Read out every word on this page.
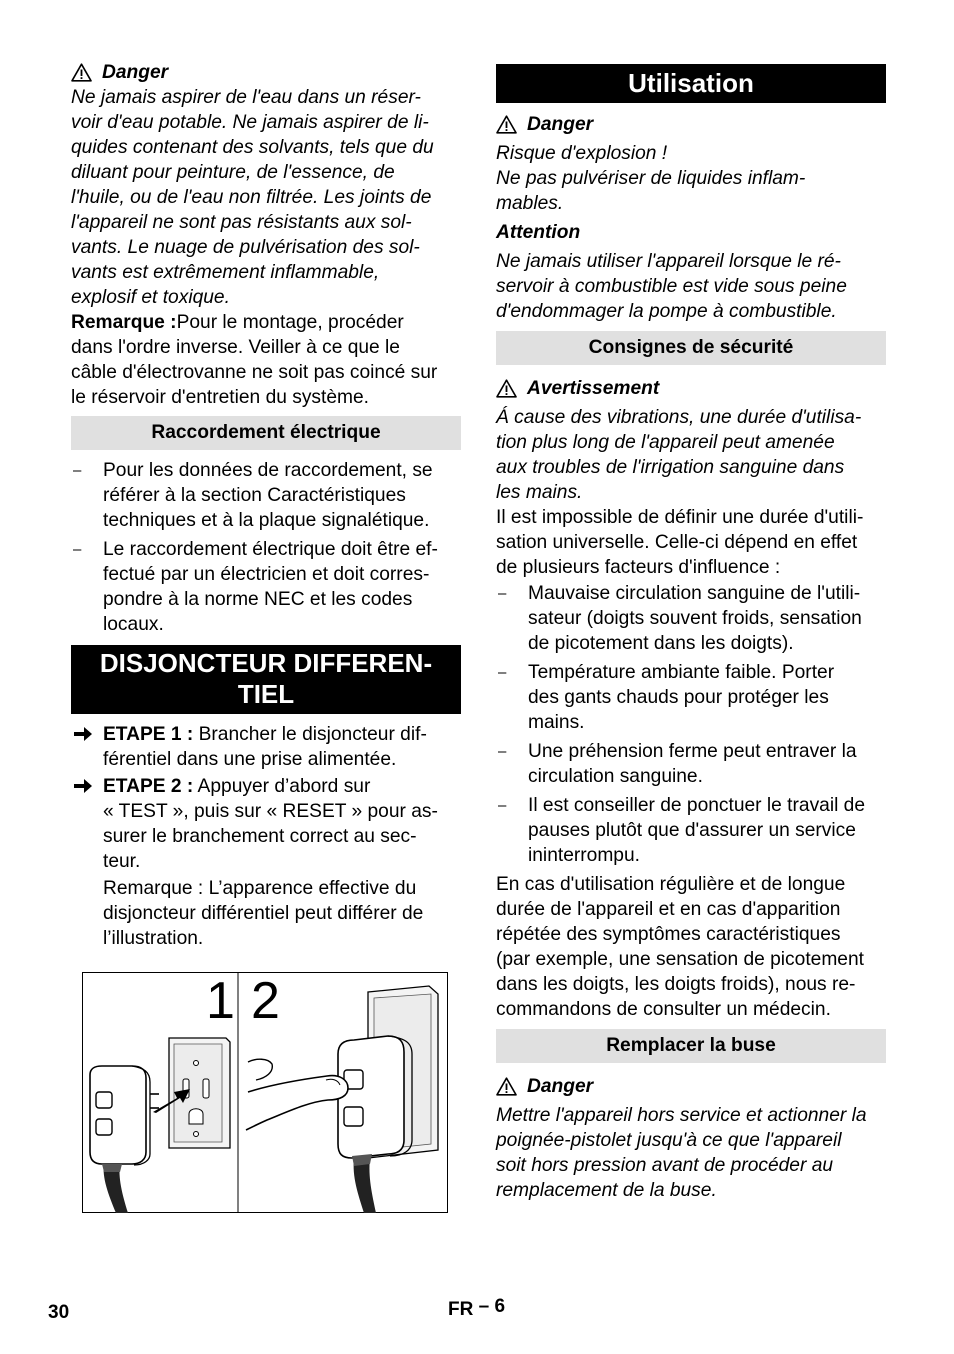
Danger

Ne jamais aspirer de l'eau dans un réser-

voir d'eau potable. Ne jamais aspirer de li-

quides contenant des solvants, tels que du

diluant pour peinture, de l'essence, de

l'huile, ou de l'eau non filtrée. Les joints de

l'appareil ne sont pas résistants aux sol-

vants. Le nuage de pulvérisation des sol-

vants est extrêmement inflammable,

explosif et toxique.

Remarque :Pour le montage, procéder

dans l'ordre inverse. Veiller à ce que le

câble d'électrovanne ne soit pas coincé sur

le réservoir d'entretien du système.

Raccordement électrique
– Pour les données de raccordement, se

référer à la section Caractéristiques

techniques et à la plaque signalétique.

– Le raccordement électrique doit être ef-

fectué par un électricien et doit corres-

pondre à la norme NEC et les codes

locaux.

DISJONCTEUR DIFFEREN-
TIEL

ETAPE 1 : Brancher le disjoncteur dif-

férentiel dans une prise alimentée.

ETAPE 2 : Appuyer d’abord sur

« TEST », puis sur « RESET » pour as-

surer le branchement correct au sec-

teur.

Remarque : L’apparence effective du

disjoncteur différentiel peut différer de

l’illustration.

1 2
Utilisation
Danger

Risque d'explosion !

Ne pas pulvériser de liquides inflam-

mables.

Attention

Ne jamais utiliser l'appareil lorsque le ré-

servoir à combustible est vide sous peine

d'endommager la pompe à combustible.

Consignes de sécurité
Avertissement

Á cause des vibrations, une durée d'utilisa-

tion plus long de l'appareil peut amenée

aux troubles de l'irrigation sanguine dans

les mains.

Il est impossible de définir une durée d'utili-

sation universelle. Celle-ci dépend en effet

de plusieurs facteurs d'influence :

– Mauvaise circulation sanguine de l'utili-

sateur (doigts souvent froids, sensation

de picotement dans les doigts).

– Température ambiante faible. Porter

des gants chauds pour protéger les

mains.

– Une préhension ferme peut entraver la

circulation sanguine.

– Il est conseiller de ponctuer le travail de

pauses plutôt que d'assurer un service

ininterrompu.

En cas d'utilisation régulière et de longue

durée de l'appareil et en cas d'apparition

répétée des symptômes caractéristiques

(par exemple, une sensation de picotement

dans les doigts, les doigts froids), nous re-

commandons de consulter un médecin.

Remplacer la buse
Danger

Mettre l'appareil hors service et actionner la

poignée-pistolet jusqu'à ce que l'appareil

soit hors pression avant de procéder au

remplacement de la buse.

30	FR – 6
